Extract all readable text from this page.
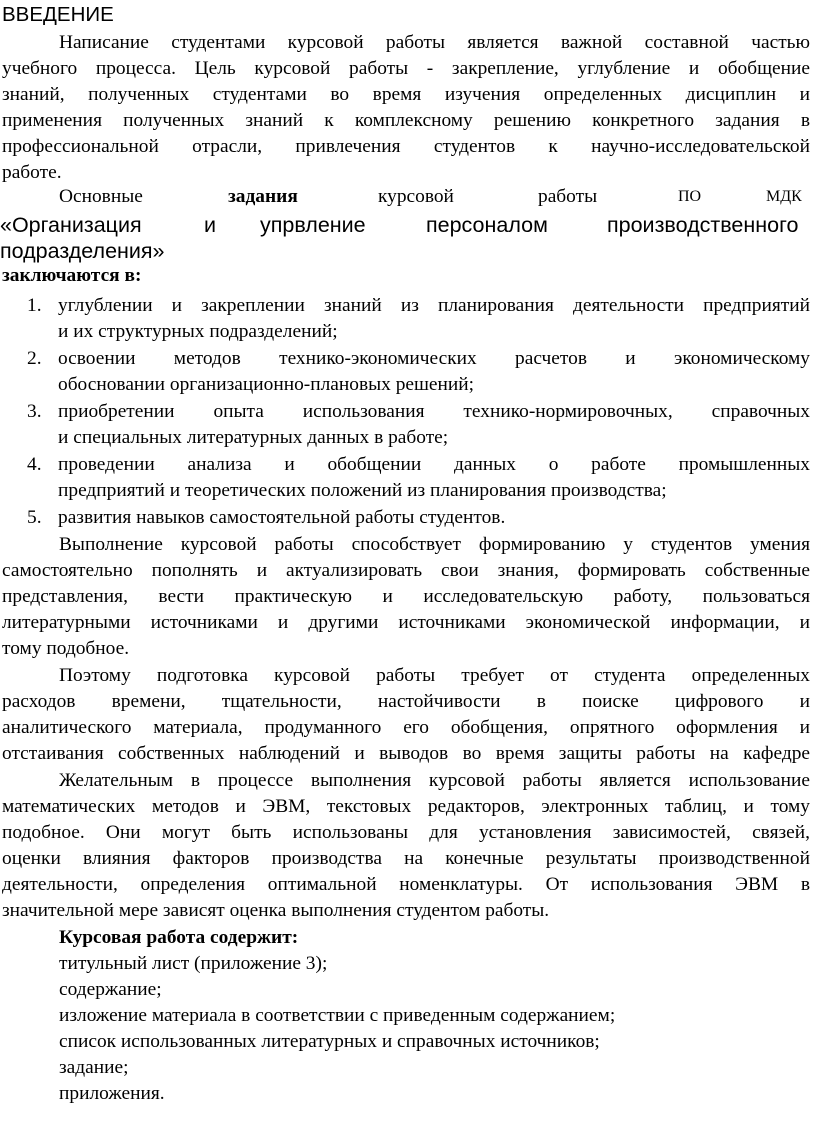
ВВЕДЕНИЕ
Написание студентами курсовой работы является важной составной частью
учебного процесса. Цель курсовой работы - закрепление, углубление и обобщение
знаний, полученных студентами во время изучения определенных дисциплин и
применения полученных знаний к комплексному решению конкретного задания в
профессиональной отрасли, привлечения студентов к научно-исследовательской
работе.
Основные	задания	курсовой	работы	ПО	МДК
«Организация	и упрвление	персоналом	производственного
подразделения»
заключаются в:
1. углублении и закреплении знаний из планирования деятельности предприятий
и их структурных подразделений;
2. освоении методов технико-экономических расчетов и экономическому
обосновании организационно-плановых решений;
3. приобретении опыта использования технико-нормировочных, справочных
и специальных литературных данных в работе;
4. проведении анализа и обобщении данных о работе промышленных
предприятий и теоретических положений из планирования производства;
5. развития навыков самостоятельной работы студентов.
Выполнение курсовой работы способствует формированию у студентов умения
самостоятельно пополнять и актуализировать свои знания, формировать собственные
представления, вести практическую и исследовательскую работу, пользоваться
литературными источниками и другими источниками экономической информации, и
тому подобное.
Поэтому подготовка курсовой работы требует от студента определенных
расходов времени, тщательности, настойчивости в поиске цифрового и
аналитического материала, продуманного его обобщения, опрятного оформления и
отстаивания собственных наблюдений и выводов во время защиты работы на кафедре
Желательным в процессе выполнения курсовой работы является использование
математических методов и ЭВМ, текстовых редакторов, электронных таблиц, и тому
подобное. Они могут быть использованы для установления зависимостей, связей,
оценки влияния факторов производства на конечные результаты производственной
деятельности, определения оптимальной номенклатуры. От использования ЭВМ в
значительной мере зависят оценка выполнения студентом работы.
Курсовая работа содержит:
титульный лист (приложение 3);
содержание;
изложение материала в соответствии с приведенным содержанием;
список использованных литературных и справочных источников;
задание;
приложения.
